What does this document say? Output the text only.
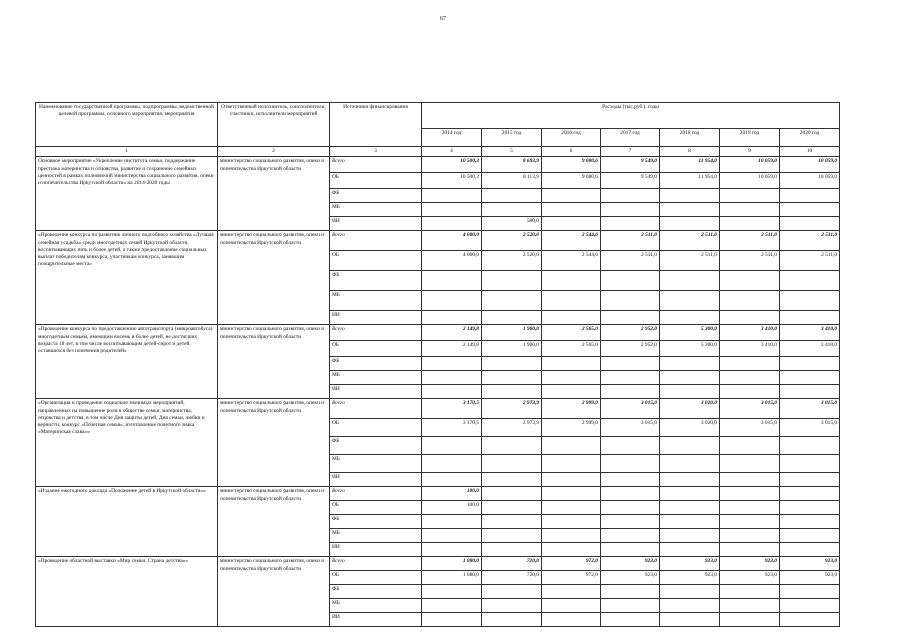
67
Наименование государственной программы, подпрограммы, ведомственной целевой программы, основного мероприятия, мероприятия	Ответственный исполнитель, соисполнители, участники, исполнители мероприятий	Источники финансирования	Расходы (тыс.руб.), годы						
			2014 год	2015 год	2016 год	2017 год	2018 год	2019 год	2020 год
1	2	3	4	5	6	7	8	9	10
Основное мероприятие «Укрепление института семьи, поддержание престижа материнства и отцовства, развитие и сохранение семейных ценностей в рамках полномочий министерства социального развития, опеки и попечительства Иркутской области» на 2014-2020 годы	министерство социального развития, опеки и попечительства Иркутской области	Всего	10 500,3	8 693,9	9 080,6	9 549,0	11 954,0	10 059,0	10 059,0
		ОБ	10 500,3	8 113,9	9 080,6	9 549,0	11 954,0	10 059,0	10 059,0
		ФБ							
		МБ							
		ИИ		580,0					
«Проведение конкурса по развитию личного подсобного хозяйства «Лучшая семейная усадьба» среди многодетных семей Иркутской области, воспитывающих пять и более детей, а также предоставление социальных выплат победителям конкурса, участникам конкурса, занявшим поощрительные места»	министерство социального развития, опеки и попечительства Иркутской области	Всего	4 000,0	2 520,0	2 544,6	2 511,0	2 511,0	2 511,0	2 511,0
		ОБ	4 000,0	2 520,0	2 544,6	2 511,0	2 511,0	2 511,0	2 511,0
		ФБ							
		МБ							
		ИИ							
«Проведение конкурса по предоставлению автотранспорта (микроавтобуса) многодетным семьям, имеющим восемь и более детей, не достигших возраста 18 лет, в том числе воспитывающим детей-сирот и детей, оставшихся без попечения родителей»	министерство социального развития, опеки и попечительства Иркутской области	Всего	2 149,8	1 900,0	2 565,0	2 952,0	5 300,0	3 410,0	3 410,0
		ОБ	2 149,8	1 900,0	2 565,0	2 952,0	5 300,0	3 410,0	3 410,0
		ФБ							
		МБ							
		ИИ							
«Организация и проведение социально значимых мероприятий, направленных на повышение роли в обществе семьи, материнства, отцовства и детства, в том числе Дня защиты детей, Дня семьи, любви и верности, конкурс «Почетная семья», изготовление почетного знака «Материнская слава»»	министерство социального развития, опеки и попечительства Иркутской области	Всего	3 170,5	2 973,9	2 999,0	3 015,0	3 020,0	3 015,0	3 015,0
		ОБ	3 170,5	2 973,9	2 999,0	3 015,0	3 020,0	3 015,0	3 015,0
		ФБ							
		МБ							
		ИИ							
«Издание ежегодного доклада «Положение детей в Иркутской области»»	министерство социального развития, опеки и попечительства Иркутской области	Всего	100,0						
		ОБ	100,0						
		ФБ							
		МБ							
		ИИ							
«Проведение областной выставки «Мир семьи. Страна детства»»	министерство социального развития, опеки и попечительства Иркутской области	Всего	1 080,0	720,0	972,0	923,0	923,0	923,0	923,0
		ОБ	1 080,0	720,0	972,0	923,0	923,0	923,0	923,0
		ФБ							
		МБ							
		ИИ							
